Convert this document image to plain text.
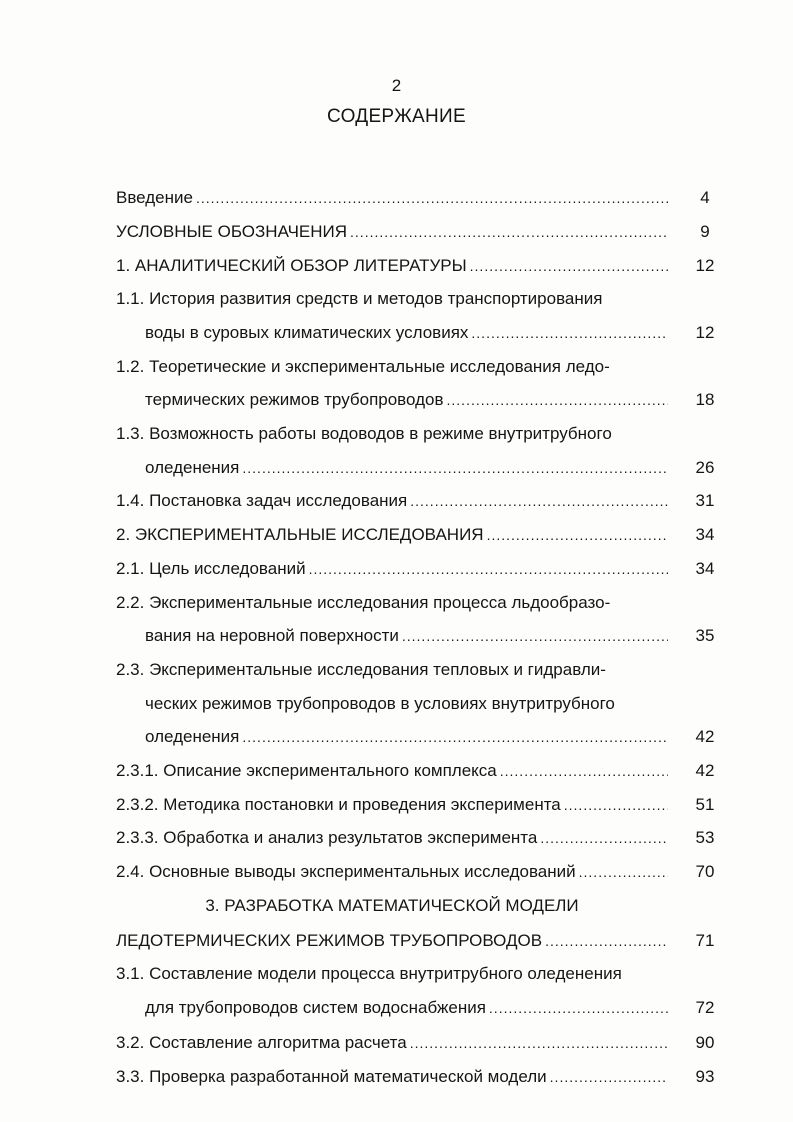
2
СОДЕРЖАНИЕ
Введение .....	4
УСЛОВНЫЕ ОБОЗНАЧЕНИЯ .....	9
1. АНАЛИТИЧЕСКИЙ ОБЗОР ЛИТЕРАТУРЫ .....	12
1.1. История развития средств и методов транспортирования
воды в суровых климатических условиях .....	12
1.2. Теоретические и экспериментальные исследования ледо-
термических режимов трубопроводов .....	18
1.3. Возможность работы водоводов в режиме внутритрубного
оледенения .....	26
1.4. Постановка задач исследования .....	31
2. ЭКСПЕРИМЕНТАЛЬНЫЕ ИССЛЕДОВАНИЯ .....	34
2.1. Цель исследований .....	34
2.2. Экспериментальные исследования процесса льдообразо-
вания на неровной поверхности .....	35
2.3. Экспериментальные исследования тепловых и гидравли-
ческих режимов трубопроводов в условиях внутритрубного
оледенения .....	42
2.3.1. Описание экспериментального комплекса .....	42
2.3.2. Методика постановки и проведения эксперимента .....	51
2.3.3. Обработка и анализ результатов эксперимента .....	53
2.4. Основные выводы экспериментальных исследований .....	70
3. РАЗРАБОТКА МАТЕМАТИЧЕСКОЙ МОДЕЛИ
ЛЕДОТЕРМИЧЕСКИХ РЕЖИМОВ ТРУБОПРОВОДОВ .....	71
3.1. Составление модели процесса внутритрубного оледенения
для трубопроводов систем водоснабжения .....	72
3.2. Составление алгоритма расчета .....	90
3.3. Проверка разработанной математической модели .....	93
